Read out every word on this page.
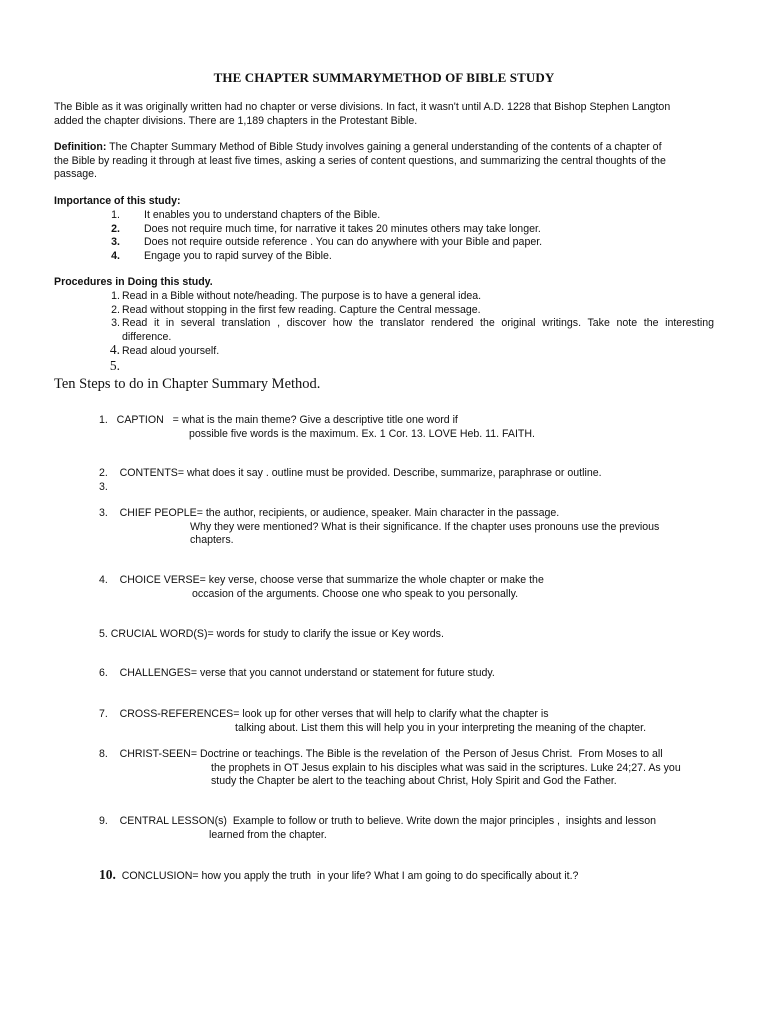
THE CHAPTER SUMMARYMETHOD OF BIBLE STUDY
The Bible as it was originally written had no chapter or verse divisions. In fact, it wasn't until A.D. 1228 that Bishop Stephen Langton
added the chapter divisions. There are 1,189 chapters in the Protestant Bible.
Definition: The Chapter Summary Method of Bible Study involves gaining a general understanding of the contents of a chapter of
the Bible by reading it through at least five times, asking a series of content questions, and summarizing the central thoughts of the
passage.
Importance of this study:
1. It enables you to understand chapters of the Bible.
2. Does not require much time, for narrative it takes 20 minutes others may take longer.
3. Does not require outside reference . You can do anywhere with your Bible and paper.
4. Engage you to rapid survey of the Bible.
Procedures in Doing this study.
1. Read in a Bible without note/heading. The purpose is to have a general idea.
2. Read without stopping in the first few reading. Capture the Central message.
3. Read it in several translation , discover how the translator rendered the original writings. Take note the interesting
difference.
4. Read aloud yourself.
5.
Ten Steps to do in Chapter Summary Method.
1.   CAPTION   = what is the main theme? Give a descriptive title one word if
possible five words is the maximum. Ex. 1 Cor. 13. LOVE Heb. 11. FAITH.
2.    CONTENTS= what does it say . outline must be provided. Describe, summarize, paraphrase or outline.
3.
3.    CHIEF PEOPLE= the author, recipients, or audience, speaker. Main character in the passage.
Why they were mentioned? What is their significance. If the chapter uses pronouns use the previous
chapters.
4.    CHOICE VERSE= key verse, choose verse that summarize the whole chapter or make the
occasion of the arguments. Choose one who speak to you personally.
5. CRUCIAL WORD(S)= words for study to clarify the issue or Key words.
6.    CHALLENGES= verse that you cannot understand or statement for future study.
7.    CROSS-REFERENCES= look up for other verses that will help to clarify what the chapter is
talking about. List them this will help you in your interpreting the meaning of the chapter.
8.    CHRIST-SEEN= Doctrine or teachings. The Bible is the revelation of  the Person of Jesus Christ.  From Moses to all
the prophets in OT Jesus explain to his disciples what was said in the scriptures. Luke 24;27. As you
study the Chapter be alert to the teaching about Christ, Holy Spirit and God the Father.
9.    CENTRAL LESSON(s)  Example to follow or truth to believe. Write down the major principles ,  insights and lesson
learned from the chapter.
10.  CONCLUSION= how you apply the truth  in your life? What I am going to do specifically about it.?
